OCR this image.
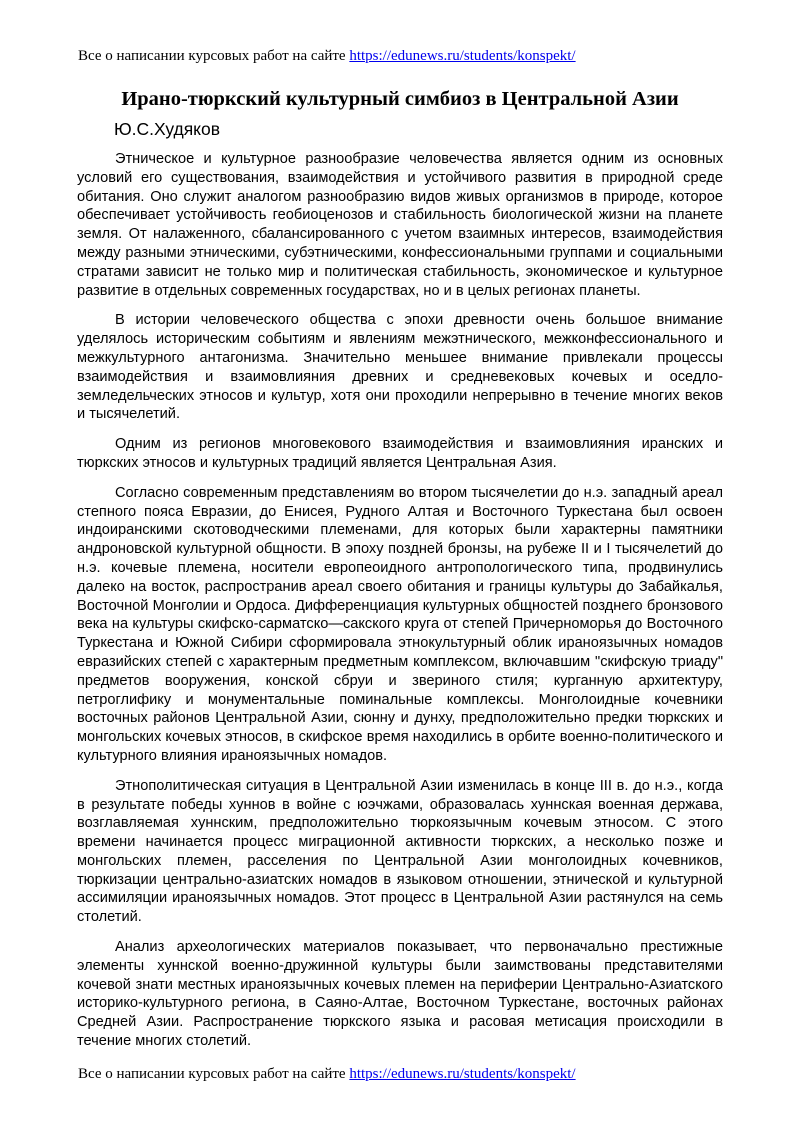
Все о написании курсовых работ на сайте https://edunews.ru/students/konspekt/
Ирано-тюркский культурный симбиоз в Центральной Азии
Ю.С.Худяков

Этническое и культурное разнообразие человечества является одним из основных условий его существования, взаимодействия и устойчивого развития в природной среде обитания. Оно служит аналогом разнообразию видов живых организмов в природе, которое обеспечивает устойчивость геобиоценозов и стабильность биологической жизни на планете земля. От налаженного, сбалансированного с учетом взаимных интересов, взаимодействия между разными этническими, субэтническими, конфессиональными группами и социальными стратами зависит не только мир и политическая стабильность, экономическое и культурное развитие в отдельных современных государствах, но и в целых регионах планеты.

В истории человеческого общества с эпохи древности очень большое внимание уделялось историческим событиям и явлениям межэтнического, межконфессионального и межкультурного антагонизма. Значительно меньшее внимание привлекали процессы взаимодействия и взаимовлияния древних и средневековых кочевых и оседло-земледельческих этносов и культур, хотя они проходили непрерывно в течение многих веков и тысячелетий.

Одним из регионов многовекового взаимодействия и взаимовлияния иранских и тюркских этносов и культурных традиций является Центральная Азия.

Согласно современным представлениям во втором тысячелетии до н.э. западный ареал степного пояса Евразии, до Енисея, Рудного Алтая и Восточного Туркестана был освоен индоиранскими скотоводческими племенами, для которых были характерны памятники андроновской культурной общности. В эпоху поздней бронзы, на рубеже II и I тысячелетий до н.э. кочевые племена, носители европеоидного антропологического типа, продвинулись далеко на восток, распространив ареал своего обитания и границы культуры до Забайкалья, Восточной Монголии и Ордоса. Дифференциация культурных общностей позднего бронзового века на культуры скифско-сарматско—сакского круга от степей Причерноморья до Восточного Туркестана и Южной Сибири сформировала этнокультурный облик ираноязычных номадов евразийских степей с характерным предметным комплексом, включавшим "скифскую триаду" предметов вооружения, конской сбруи и звериного стиля; курганную архитектуру, петроглифику и монументальные поминальные комплексы. Монголоидные кочевники восточных районов Центральной Азии, сюнну и дунху, предположительно предки тюркских и монгольских кочевых этносов, в скифское время находились в орбите военно-политического и культурного влияния ираноязычных номадов.

Этнополитическая ситуация в Центральной Азии изменилась в конце III в. до н.э., когда в результате победы хуннов в войне с юэчжами, образовалась хуннская военная держава, возглавляемая хуннским, предположительно тюркоязычным кочевым этносом. С этого времени начинается процесс миграционной активности тюркских, а несколько позже и монгольских племен, расселения по Центральной Азии монголоидных кочевников, тюркизации центрально-азиатских номадов в языковом отношении, этнической и культурной ассимиляции ираноязычных номадов. Этот процесс в Центральной Азии растянулся на семь столетий.

Анализ археологических материалов показывает, что первоначально престижные элементы хуннской военно-дружинной культуры были заимствованы представителями кочевой знати местных ираноязычных кочевых племен на периферии Центрально-Азиатского историко-культурного региона, в Саяно-Алтае, Восточном Туркестане, восточных районах Средней Азии. Распространение тюркского языка и расовая метисация происходили в течение многих столетий.

Все о написании курсовых работ на сайте https://edunews.ru/students/konspekt/
